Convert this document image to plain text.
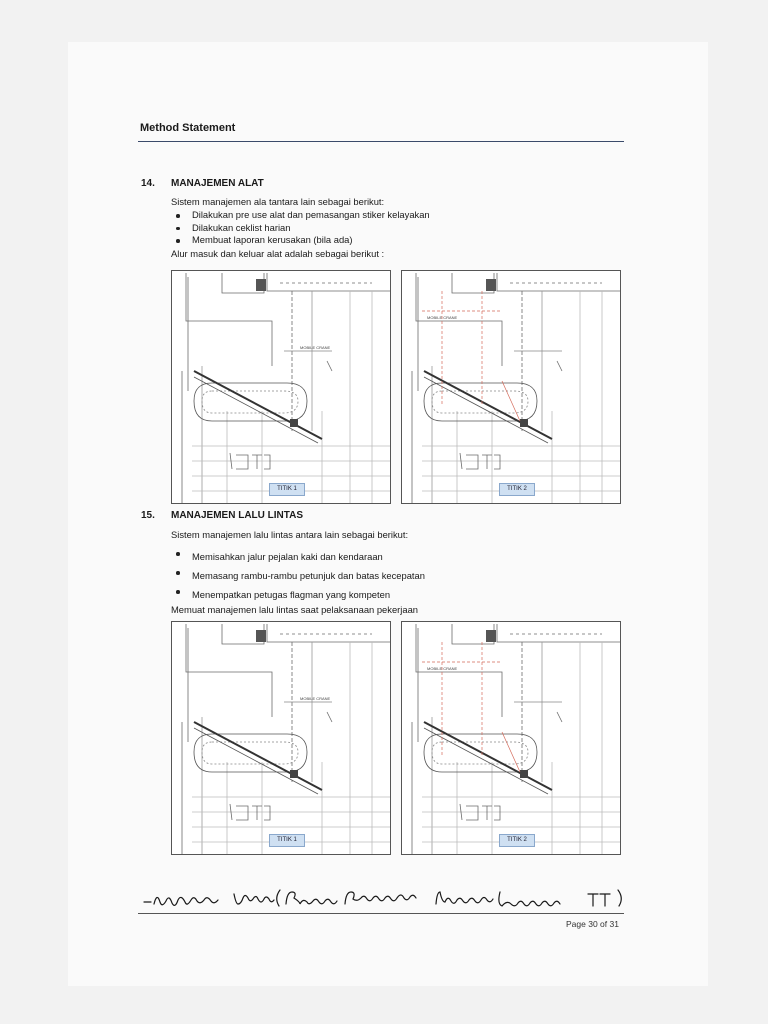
Method Statement
14. MANAJEMEN ALAT
Sistem manajemen ala tantara lain sebagai berikut:
Dilakukan pre use alat dan pemasangan stiker kelayakan
Dilakukan ceklist harian
Membuat laporan kerusakan (bila ada)
Alur masuk dan keluar alat adalah sebagai berikut :
MOBILE CRANE
TITIK 1
MOBILE CRANE
TITIK 2
15. MANAJEMEN LALU LINTAS
Sistem manajemen lalu lintas antara lain sebagai berikut:
Memisahkan jalur pejalan kaki dan kendaraan
Memasang rambu-rambu petunjuk dan batas kecepatan
Menempatkan petugas flagman yang kompeten
Memuat manajemen lalu lintas saat pelaksanaan pekerjaan
MOBILE CRANE
TITIK 1
MOBILE CRANE
TITIK 2
Page 30 of 31
